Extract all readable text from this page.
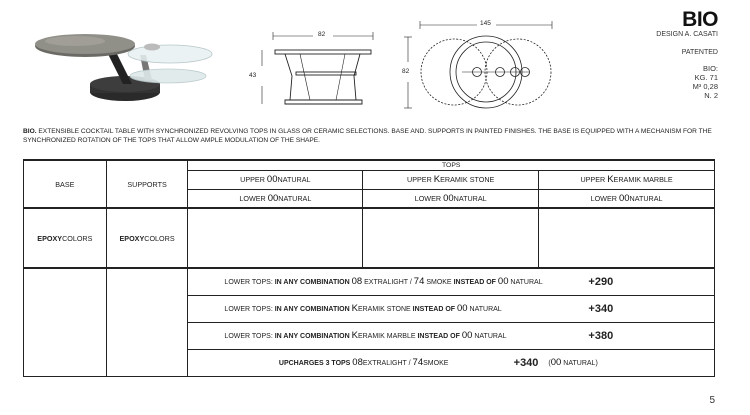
82
43
145
82
BIO
DESIGN A. CASATI
PATENTED
BIO:
KG. 71
M³ 0,28
N. 2

BIO. EXTENSIBLE COCKTAIL TABLE WITH SYNCHRONIZED REVOLVING TOPS IN GLASS OR CERAMIC SELECTIONS. BASE AND. SUPPORTS IN PAINTED FINISHES. THE BASE IS EQUIPPED WITH A MECHANISM FOR THE SYNCHRONIZED ROTATION OF THE TOPS THAT ALLOW AMPLE MODULATION OF THE SHAPE.

BASE	SUPPORTS	TOPS		
		UPPER 00NATURAL	UPPER KERAMIK STONE	UPPER KERAMIK MARBLE
		LOWER 00NATURAL	LOWER 00NATURAL	LOWER 00NATURAL
EPOXYCOLORS	EPOXYCOLORS			

		LOWER TOPS: IN ANY COMBINATION 08 EXTRALIGHT / 74 SMOKE INSTEAD OF 00 NATURAL +290		

		LOWER TOPS: IN ANY COMBINATION KERAMIK STONE INSTEAD OF 00 NATURAL +340		

		LOWER TOPS: IN ANY COMBINATION KERAMIK MARBLE INSTEAD OF 00 NATURAL +380		

		UPCHARGES 3 TOPS 08EXTRALIGHT / 74SMOKE +340 (00 NATURAL)		
5
